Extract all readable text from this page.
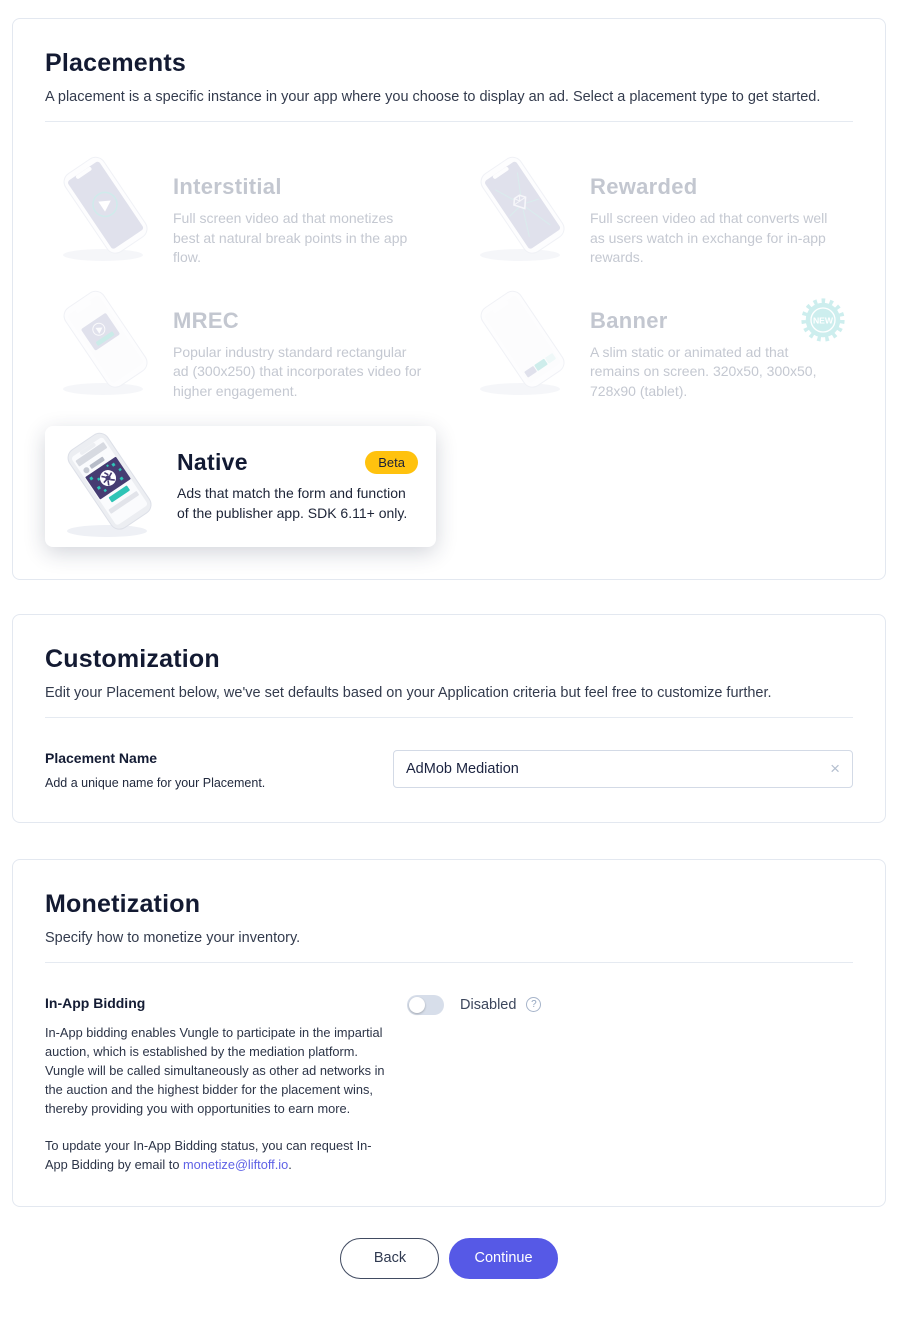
Placements

A placement is a specific instance in your app where you choose to display an ad. Select a placement type to get started.

Interstitial
Full screen video ad that monetizes best at natural break points in the app flow.
Rewarded
Full screen video ad that converts well as users watch in exchange for in-app rewards.
MREC
Popular industry standard rectangular ad (300x250) that incorporates video for higher engagement.
Banner
A slim static or animated ad that remains on screen. 320x50, 300x50, 728x90 (tablet).
NEW
Native	Beta
Ads that match the form and function of the publisher app. SDK 6.11+ only.
Customization

Edit your Placement below, we've set defaults based on your Application criteria but feel free to customize further.

Placement Name
Add a unique name for your Placement.
AdMob Mediation
×
Monetization

Specify how to monetize your inventory.

In-App Bidding

In-App bidding enables Vungle to participate in the impartial auction, which is established by the mediation platform. Vungle will be called simultaneously as other ad networks in the auction and the highest bidder for the placement wins, thereby providing you with opportunities to earn more.

To update your In-App Bidding status, you can request In-App Bidding by email to monetize@liftoff.io.

Disabled	?
Back	Continue
